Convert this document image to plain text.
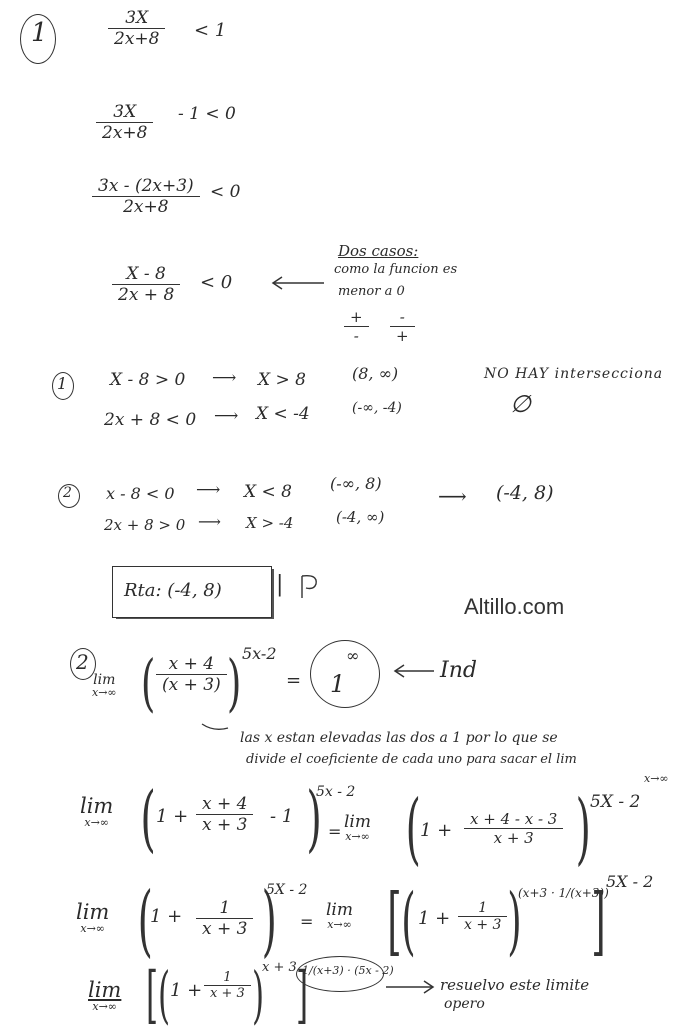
1	3X
2x+8	< 1
3X
2x+8
- 1 < 0
3x - (2x+3)
2x+8
< 0
X - 8
2x + 8
< 0
Dos casos:
como la funcion es
menor a 0
+
-
-
+
1	X - 8 > 0 ⟶ X > 8	(8, ∞)
2x + 8 < 0 ⟶ X < -4	(-∞, -4)
NO HAY intersecciona
∅
2 x - 8 < 0 ⟶ X < 8 (-∞, 8)
2x + 8 > 0 ⟶ X > -4	(-4, ∞)
⟶ (-4, 8)
Rta: (-4, 8) |
Altillo.com
2
lim
x→∞ ( x + 4
(x + 3) ) 5x-2
= 1
∞
Ind
las x estan elevadas las dos a 1 por lo que se
divide el coeficiente de cada uno para sacar el lim
x→∞
lim
x→∞ ( 1 +
x + 4
x + 3	- 1 )
5x - 2
= lim
x→∞ ( 1 +
x + 4 - x - 3
x + 3 ) 5X - 2
lim
x→∞ (
1 +	1
x + 3 )
5X - 2
=
lim
x→∞ [ ( 1 +	1
x + 3 )
(x+3 · 1/(x+3))
] 5X - 2
lim
x→∞ [ ( 1 +
1
x + 3 )
x + 3 ]
1/(x+3) · (5x - 2)
resuelvo este limite
opero
